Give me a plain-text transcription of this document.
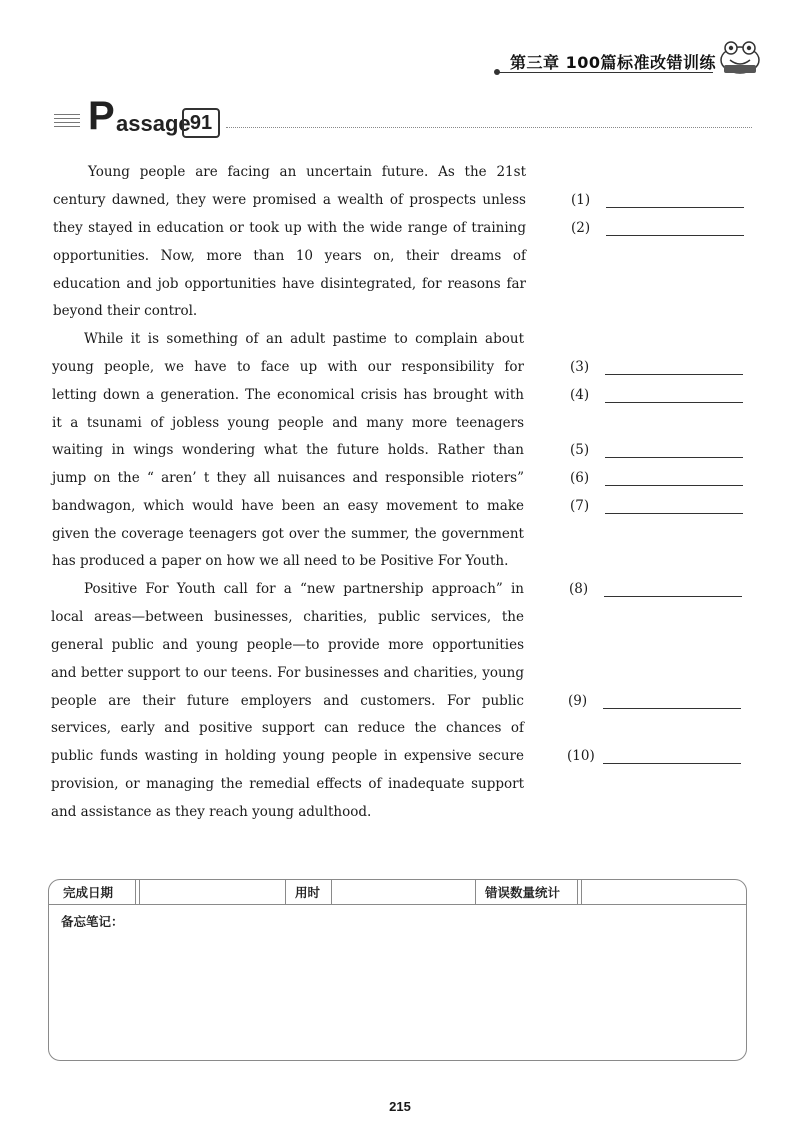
第三章 100篇标准改错训练
P assage 91
Young people are facing an uncertain future. As the 21st
century dawned, they were promised a wealth of prospects unless
they stayed in education or took up with the wide range of training
opportunities. Now, more than 10 years on, their dreams of
education and job opportunities have disintegrated, for reasons far
beyond their control.
While it is something of an adult pastime to complain about
young people, we have to face up with our responsibility for
letting down a generation. The economical crisis has brought with
it a tsunami of jobless young people and many more teenagers
waiting in wings wondering what the future holds. Rather than
jump on the “ aren’ t they all nuisances and responsible rioters”
bandwagon, which would have been an easy movement to make
given the coverage teenagers got over the summer, the government
has produced a paper on how we all need to be Positive For Youth.
Positive For Youth call for a “new partnership approach” in
local areas—between businesses, charities, public services, the
general public and young people—to provide more opportunities
and better support to our teens. For businesses and charities, young
people are their future employers and customers. For public
services, early and positive support can reduce the chances of
public funds wasting in holding young people in expensive secure
provision, or managing the remedial effects of inadequate support
and assistance as they reach young adulthood.
(1)
(2)
(3)
(4)
(5)
(6)
(7)
(8)
(9)
(10)
完成日期	用时	错误数量统计
备忘笔记：
215
